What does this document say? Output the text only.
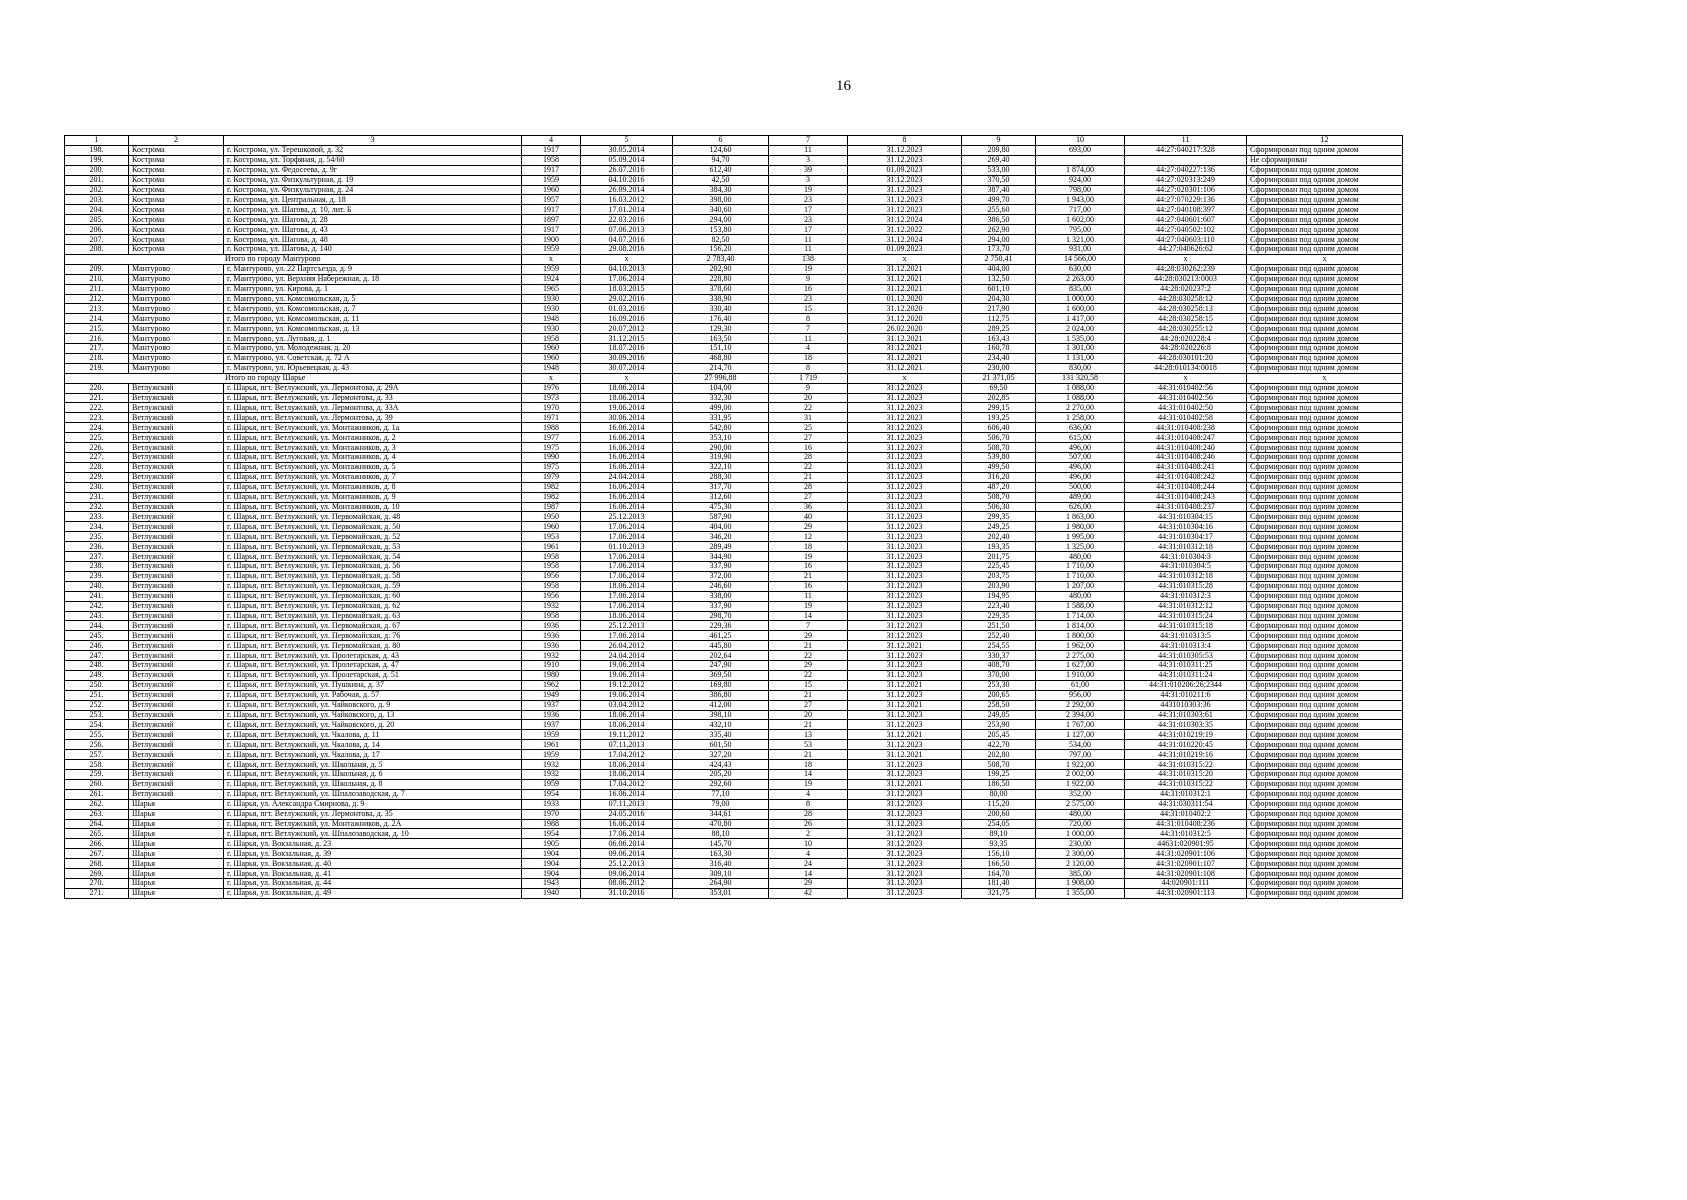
16
1	2	3	4	5	6	7	8	9	10	11	12
198.	Кострома	г. Кострома, ул. Терешковой, д. 32	1917	30.05.2014	124,60	11	31.12.2023	209,80	693,00	44:27:040217:328	Сформирован под одним домом
199.	Кострома	г. Кострома, ул. Торфяная, д. 54/60	1958	05.09.2014	94,70	3	31.12.2023	269,40			Не сформирован
200.	Кострома	г. Кострома, ул. Федосеева, д. 9г	1917	26.07.2016	612,40	39	01.09.2023	533,00	1 874,00	44:27:040227:136	Сформирован под одним домом
201.	Кострома	г. Кострома, ул. Физкультурная, д. 19	1959	04.10.2016	42,50	3	31.12.2023	370,50	924,00	44:27:020313:249	Сформирован под одним домом
202.	Кострома	г. Кострома, ул. Физкультурная, д. 24	1960	26.09.2014	384,30	19	31.12.2023	387,40	798,00	44:27:020301:106	Сформирован под одним домом
203.	Кострома	г. Кострома, ул. Центральная, д. 18	1957	16.03.2012	398,00	23	31.12.2023	499,70	1 943,00	44:27:070229:136	Сформирован под одним домом
204.	Кострома	г. Кострома, ул. Шагова, д. 10, лит. Б	1917	17.01.2014	340,60	17	31.12.2023	255,60	717,00	44:27:040108:397	Сформирован под одним домом
205.	Кострома	г. Кострома, ул. Шагова, д. 28	1897	22.03.2016	294,00	23	31.12.2024	386,50	1 602,00	44:27:040601:607	Сформирован под одним домом
206.	Кострома	г. Кострома, ул. Шагова, д. 43	1917	07.06.2013	153,80	17	31.12.2022	262,90	795,00	44:27:040502:102	Сформирован под одним домом
207.	Кострома	г. Кострома, ул. Шагова, д. 48	1900	04.07.2016	82,50	11	31.12.2024	294,00	1 321,00	44:27:040603:110	Сформирован под одним домом
208.	Кострома	г. Кострома, ул. Шагова, д. 140	1959	29.08.2016	156,20	11	01.09.2023	173,70	931,00	44:27:040626:62	Сформирован под одним домом
Итого по городу Мантурово			х	х	2 783,40	138	х	2 750,41	14 566,00	х	х
209.	Мантурово	г. Мантурово, ул. 22 Партсъезда, д. 9	1959	04.10.2013	202,90	19	31.12.2021	404,00	630,00	44:28:030262:239	Сформирован под одним домом
210.	Мантурово	г. Мантурово, ул. Верхняя Набережная, д. 18	1924	17.06.2014	228,80	9	31.12.2021	132,50	2 263,00	44:28:030213:0003	Сформирован под одним домом
211.	Мантурово	г. Мантурово, ул. Кирова, д. 1	1965	18.03.2015	378,60	16	31.12.2021	601,10	835,00	44:28:020237:2	Сформирован под одним домом
212.	Мантурово	г. Мантурово, ул. Комсомольская, д. 5	1930	29.02.2016	338,90	23	01.12.2020	204,30	1 000,00	44:28:030258:12	Сформирован под одним домом
213.	Мантурово	г. Мантурово, ул. Комсомольская, д. 7	1930	01.03.2016	330,40	15	31.12.2020	217,90	1 600,00	44:28:030258:13	Сформирован под одним домом
214.	Мантурово	г. Мантурово, ул. Комсомольская, д. 11	1948	16.09.2016	176,40	8	31.12.2020	112,75	1 417,00	44:28:030258:15	Сформирован под одним домом
215.	Мантурово	г. Мантурово, ул. Комсомольская, д. 13	1930	20.07.2012	129,30	7	26.02.2020	289,25	2 024,00	44:28:030255:12	Сформирован под одним домом
216.	Мантурово	г. Мантурово, ул. Луговая, д. 1	1958	31.12.2015	163,50	11	31.12.2021	163,43	1 535,00	44:28:020228:4	Сформирован под одним домом
217.	Мантурово	г. Мантурово, ул. Молодежная, д. 20	1960	18.07.2016	151,10	4	31.12.2021	160,78	1 301,00	44:28:020226:8	Сформирован под одним домом
218.	Мантурово	г. Мантурово, ул. Советская, д. 72 А	1960	30.09.2016	468,80	18	31.12.2021	234,40	1 131,00	44:28:030101:20	Сформирован под одним домом
219.	Мантурово	г. Мантурово, ул. Юрьевецкая, д. 43	1948	30.07.2014	214,70	8	31.12.2021	230,00	830,00	44:28:010134:0018	Сформирован под одним домом
Итого по городу Шарье			х	х	27 996,88	1 719	х	21 371,05	131 320,58	х	х
220.	Ветлужский	г. Шарья, пгт. Ветлужский, ул. Лермонтова, д. 29А	1976	18.06.2014	104,00	9	31.12.2023	69,50	1 088,00	44:31:010402:56	Сформирован под одним домом
221.	Ветлужский	г. Шарья, пгт. Ветлужский, ул. Лермонтова, д. 33	1973	18.06.2014	332,30	20	31.12.2023	202,85	1 088,00	44:31:010402:56	Сформирован под одним домом
222.	Ветлужский	г. Шарья, пгт. Ветлужский, ул. Лермонтова, д. 33А	1970	19.06.2014	499,00	22	31.12.2023	299,15	2 270,00	44:31:010402:50	Сформирован под одним домом
223.	Ветлужский	г. Шарья, пгт. Ветлужский, ул. Лермонтова, д. 39	1971	30.06.2014	331,95	31	31.12.2023	193,25	1 258,00	44:31:010402:58	Сформирован под одним домом
224.	Ветлужский	г. Шарья, пгт. Ветлужский, ул. Монтажников, д. 1а	1988	16.06.2014	542,80	25	31.12.2023	606,40	636,00	44:31:010408:238	Сформирован под одним домом
225.	Ветлужский	г. Шарья, пгт. Ветлужский, ул. Монтажников, д. 2	1977	16.06.2014	353,10	27	31.12.2023	506,70	615,00	44:31:010408:247	Сформирован под одним домом
226.	Ветлужский	г. Шарья, пгт. Ветлужский, ул. Монтажников, д. 3	1975	16.06.2014	290,00	16	31.12.2023	508,70	496,00	44:31:010408:240	Сформирован под одним домом
227.	Ветлужский	г. Шарья, пгт. Ветлужский, ул. Монтажников, д. 4	1990	16.06.2014	319,90	28	31.12.2023	539,80	507,00	44:31:010408:246	Сформирован под одним домом
228.	Ветлужский	г. Шарья, пгт. Ветлужский, ул. Монтажников, д. 5	1975	16.06.2014	322,10	22	31.12.2023	499,50	496,00	44:31:010408:241	Сформирован под одним домом
229.	Ветлужский	г. Шарья, пгт. Ветлужский, ул. Монтажников, д. 7	1979	24.04.2014	288,30	21	31.12.2023	316,20	496,00	44:31:010408:242	Сформирован под одним домом
230.	Ветлужский	г. Шарья, пгт. Ветлужский, ул. Монтажников, д. 8	1982	16.06.2014	317,70	28	31.12.2023	487,20	500,00	44:31:010408:244	Сформирован под одним домом
231.	Ветлужский	г. Шарья, пгт. Ветлужский, ул. Монтажников, д. 9	1982	16.06.2014	312,60	27	31.12.2023	508,70	489,00	44:31:010408:243	Сформирован под одним домом
232.	Ветлужский	г. Шарья, пгт. Ветлужский, ул. Монтажников, д. 10	1987	16.06.2014	475,30	36	31.12.2023	506,30	626,00	44:31:010408:237	Сформирован под одним домом
233.	Ветлужский	г. Шарья, пгт. Ветлужский, ул. Первомайская, д. 48	1950	25.12.2013	587,90	40	31.12.2023	299,35	1 863,00	44:31:010304:15	Сформирован под одним домом
234.	Ветлужский	г. Шарья, пгт. Ветлужский, ул. Первомайская, д. 50	1960	17.06.2014	404,00	29	31.12.2023	249,25	1 980,00	44:31:010304:16	Сформирован под одним домом
235.	Ветлужский	г. Шарья, пгт. Ветлужский, ул. Первомайская, д. 52	1953	17.06.2014	346,20	12	31.12.2023	202,40	1 995,00	44:31:010304:17	Сформирован под одним домом
236.	Ветлужский	г. Шарья, пгт. Ветлужский, ул. Первомайская, д. 53	1961	01.10.2013	289,49	18	31.12.2023	193,35	1 325,00	44:31:010312:18	Сформирован под одним домом
237.	Ветлужский	г. Шарья, пгт. Ветлужский, ул. Первомайская, д. 54	1958	17.06.2014	344,90	19	31.12.2023	201,75	480,00	44:31:010304:3	Сформирован под одним домом
238.	Ветлужский	г. Шарья, пгт. Ветлужский, ул. Первомайская, д. 56	1958	17.06.2014	337,90	16	31.12.2023	225,45	1 710,00	44:31:010304:5	Сформирован под одним домом
239.	Ветлужский	г. Шарья, пгт. Ветлужский, ул. Первомайская, д. 58	1956	17.06.2014	372,00	21	31.12.2023	203,75	1 710,00	44:31:010312:18	Сформирован под одним домом
240.	Ветлужский	г. Шарья, пгт. Ветлужский, ул. Первомайская, д. 59	1958	18.06.2014	246,60	16	31.12.2023	203,90	1 207,00	44:31:010315:28	Сформирован под одним домом
241.	Ветлужский	г. Шарья, пгт. Ветлужский, ул. Первомайская, д. 60	1956	17.06.2014	338,00	11	31.12.2023	194,95	480,00	44:31:010312:3	Сформирован под одним домом
242.	Ветлужский	г. Шарья, пгт. Ветлужский, ул. Первомайская, д. 62	1932	17.06.2014	337,90	19	31.12.2023	223,40	1 588,00	44:31:010312:12	Сформирован под одним домом
243.	Ветлужский	г. Шарья, пгт. Ветлужский, ул. Первомайская, д. 63	1958	18.06.2014	298,70	14	31.12.2023	229,35	1 714,00	44:31:010315:24	Сформирован под одним домом
244.	Ветлужский	г. Шарья, пгт. Ветлужский, ул. Первомайская, д. 67	1936	25.12.2013	229,36	7	31.12.2023	251,50	1 814,00	44:31:010315:18	Сформирован под одним домом
245.	Ветлужский	г. Шарья, пгт. Ветлужский, ул. Первомайская, д. 76	1936	17.06.2014	461,25	29	31.12.2023	252,40	1 800,00	44:31:010313:5	Сформирован под одним домом
246.	Ветлужский	г. Шарья, пгт. Ветлужский, ул. Первомайская, д. 80	1936	26.04.2012	445,80	21	31.12.2021	254,55	1 962,00	44:31:010313:4	Сформирован под одним домом
247.	Ветлужский	г. Шарья, пгт. Ветлужский, ул. Пролетарская, д. 43	1932	24.04.2014	202,64	22	31.12.2023	330,37	2 275,00	44:31:010305:53	Сформирован под одним домом
248.	Ветлужский	г. Шарья, пгт. Ветлужский, ул. Пролетарская, д. 47	1910	19.06.2014	247,90	29	31.12.2023	408,70	1 627,00	44:31:010311:25	Сформирован под одним домом
249.	Ветлужский	г. Шарья, пгт. Ветлужский, ул. Пролетарская, д. 51	1980	19.06.2014	369,50	22	31.12.2023	370,00	1 910,00	44:31:010311:24	Сформирован под одним домом
250.	Ветлужский	г. Шарья, пгт. Ветлужский, ул. Пушкина, д. 37	1962	19.12.2012	169,80	15	31.12.2021	253,30	61,00	44:31:010206:26;2344	Сформирован под одним домом
251.	Ветлужский	г. Шарья, пгт. Ветлужский, ул. Рабочая, д. 57	1949	19.06.2014	386,80	21	31.12.2023	200,65	956,00	44:31:010211:6	Сформирован под одним домом
252.	Ветлужский	г. Шарья, пгт. Ветлужский, ул. Чайковского, д. 9	1937	03.04.2012	412,00	27	31.12.2021	258,50	2 292,00	4431010303:36	Сформирован под одним домом
253.	Ветлужский	г. Шарья, пгт. Ветлужский, ул. Чайковского, д. 13	1936	18.06.2014	398,10	20	31.12.2023	249,05	2 394,00	44:31:010303:61	Сформирован под одним домом
254.	Ветлужский	г. Шарья, пгт. Ветлужский, ул. Чайковского, д. 20	1937	18.06.2014	432,10	21	31.12.2023	253,90	1 767,00	44:31:010303:35	Сформирован под одним домом
255.	Ветлужский	г. Шарья, пгт. Ветлужский, ул. Чкалова, д. 11	1959	19.11.2012	335,40	13	31.12.2021	205,45	1 127,00	44:31:010219:19	Сформирован под одним домом
256.	Ветлужский	г. Шарья, пгт. Ветлужский, ул. Чкалова, д. 14	1961	07.11.2013	601,50	53	31.12.2023	422,70	534,00	44:31:010220:45	Сформирован под одним домом
257.	Ветлужский	г. Шарья, пгт. Ветлужский, ул. Чкалова, д. 17	1959	17.04.2012	327,20	21	31.12.2021	202,80	797,00	44:31:010219:16	Сформирован под одним домом
258.	Ветлужский	г. Шарья, пгт. Ветлужский, ул. Школьная, д. 5	1932	18.06.2014	424,43	18	31.12.2023	508,70	1 922,00	44:31:010315:22	Сформирован под одним домом
259.	Ветлужский	г. Шарья, пгт. Ветлужский, ул. Школьная, д. 6	1932	18.06.2014	205,20	14	31.12.2023	199,25	2 002,00	44:31:010315:20	Сформирован под одним домом
260.	Ветлужский	г. Шарья, пгт. Ветлужский, ул. Школьная, д. 8	1959	17.04.2012	292,60	19	31.12.2021	186,50	1 922,00	44:31:010315:22	Сформирован под одним домом
261.	Ветлужский	г. Шарья, пгт. Ветлужский, ул. Шпалозаводская, д. 7	1954	16.06.2014	77,10	4	31.12.2023	80,00	352,00	44:31:010312:1	Сформирован под одним домом
262.	Шарья	г. Шарья, ул. Александра Смирнова, д. 9	1933	07.11.2013	79,00	8	31.12.2023	115,20	2 575,00	44:31:030311:54	Сформирован под одним домом
263.	Шарья	г. Шарья, пгт. Ветлужский, ул. Лермонтова, д. 35	1970	24.05.2016	344,61	28	31.12.2023	200,60	480,00	44:31:010402:2	Сформирован под одним домом
264.	Шарья	г. Шарья, пгт. Ветлужский, ул. Монтажников, д. 2А	1988	16.06.2014	470,80	26	31.12.2023	254,05	720,00	44:31:010408:236	Сформирован под одним домом
265.	Шарья	г. Шарья, пгт. Ветлужский, ул. Шпалозаводская, д. 10	1954	17.06.2014	88,10	2	31.12.2023	89,10	1 000,00	44:31:010312:5	Сформирован под одним домом
266.	Шарья	г. Шарья, ул. Вокзальная, д. 23	1905	06.06.2014	145,70	10	31.12.2023	93,35	230,00	44631:020901:95	Сформирован под одним домом
267.	Шарья	г. Шарья, ул. Вокзальная, д. 39	1904	09.06.2014	163,30	4	31.12.2023	156,10	2 300,00	44:31:020901:106	Сформирован под одним домом
268.	Шарья	г. Шарья, ул. Вокзальная, д. 40	1904	25.12.2013	316,40	24	31.12.2023	166,50	2 120,00	44:31:020901:107	Сформирован под одним домом
269.	Шарья	г. Шарья, ул. Вокзальная, д. 41	1904	09.06.2014	309,10	14	31.12.2023	164,70	385,00	44:31:020901:108	Сформирован под одним домом
270.	Шарья	г. Шарья, ул. Вокзальная, д. 44	1943	08.06.2012	264,90	29	31.12.2023	181,40	1 908,00	44:020901:111	Сформирован под одним домом
271.	Шарья	г. Шарья, ул. Вокзальная, д. 49	1940	31.10.2016	353,01	42	31.12.2023	321,75	1 355,00	44:31:020901:113	Сформирован под одним домом
